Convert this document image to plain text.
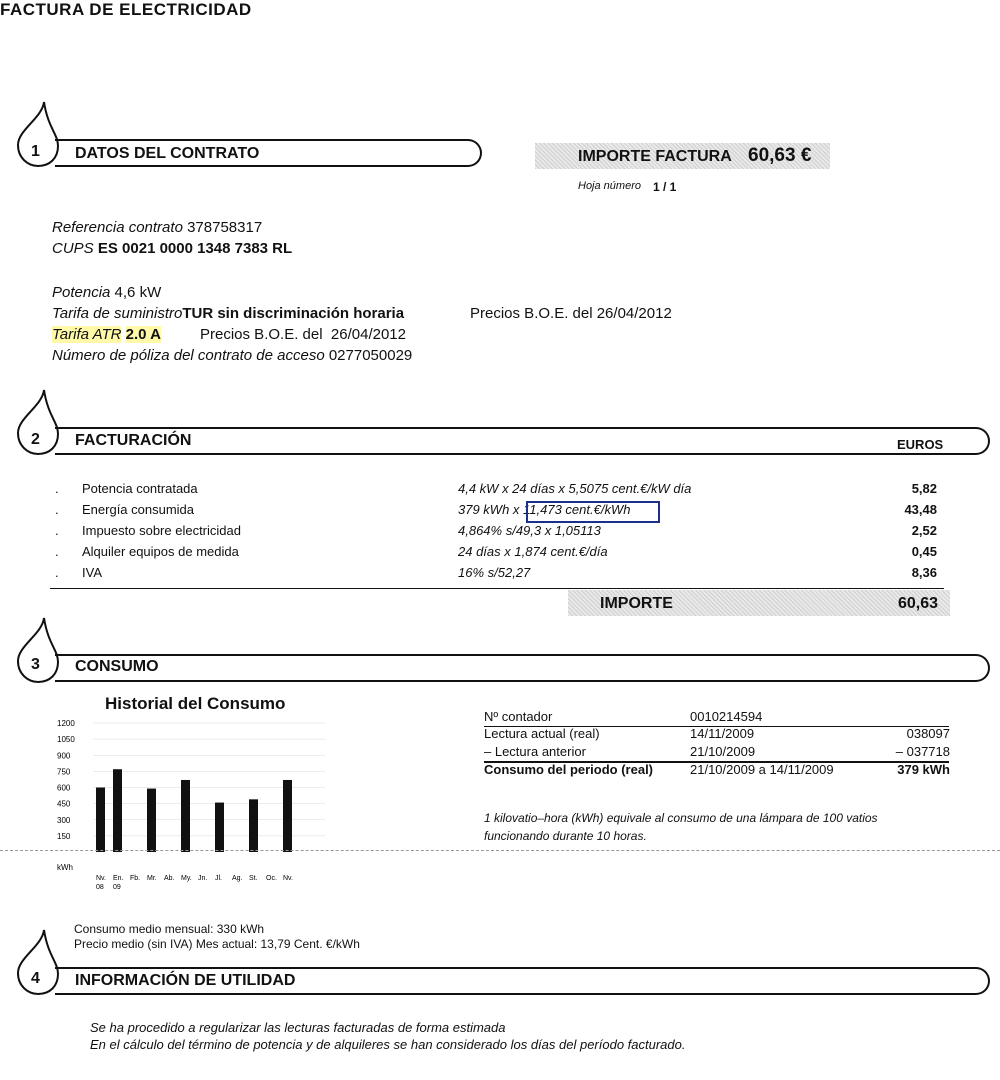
FACTURA DE ELECTRICIDAD
1 DATOS DEL CONTRATO	IMPORTE FACTURA 60,63 €
Hoja número 1 / 1
Referencia contrato 378758317
CUPS ES 0021 0000 1348 7383 RL
Potencia 4,6 kW
Tarifa de suministroTUR sin discriminación horaria	Precios B.O.E. del 26/04/2012
Tarifa ATR 2.0 A	Precios B.O.E. del 26/04/2012
Número de póliza del contrato de acceso 0277050029
2 FACTURACIÓN	EUROS
. Potencia contratada	4,4 kW x 24 días x 5,5075 cent.€/kW día	5,82
. Energía consumida	379 kWh x 11,473 cent.€/kWh	43,48
. Impuesto sobre electricidad	4,864% s/49,3 x 1,05113	2,52
. Alquiler equipos de medida	24 días x 1,874 cent.€/día	0,45
. IVA	16% s/52,27	8,36
IMPORTE	60,63
3 CONSUMO
Historial del Consumo
1200
1050
900
750
600
450
300
150
kWh
Nv. 08
En. 09
Fb. Mr. Ab. My. Jn. Jl. Ag. St. Oc. Nv.
Nº contador	0010214594
Lectura actual (real)	14/11/2009	038097
– Lectura anterior	21/10/2009	– 037718
Consumo del periodo (real)	21/10/2009 a 14/11/2009	379 kWh
1 kilovatio–hora (kWh) equivale al consumo de una lámpara de 100 vatios
funcionando durante 10 horas.
Consumo medio mensual: 330 kWh
Precio medio (sin IVA) Mes actual: 13,79 Cent. €/kWh
4 INFORMACIÓN DE UTILIDAD
Se ha procedido a regularizar las lecturas facturadas de forma estimada
En el cálculo del término de potencia y de alquileres se han considerado los días del período facturado.
